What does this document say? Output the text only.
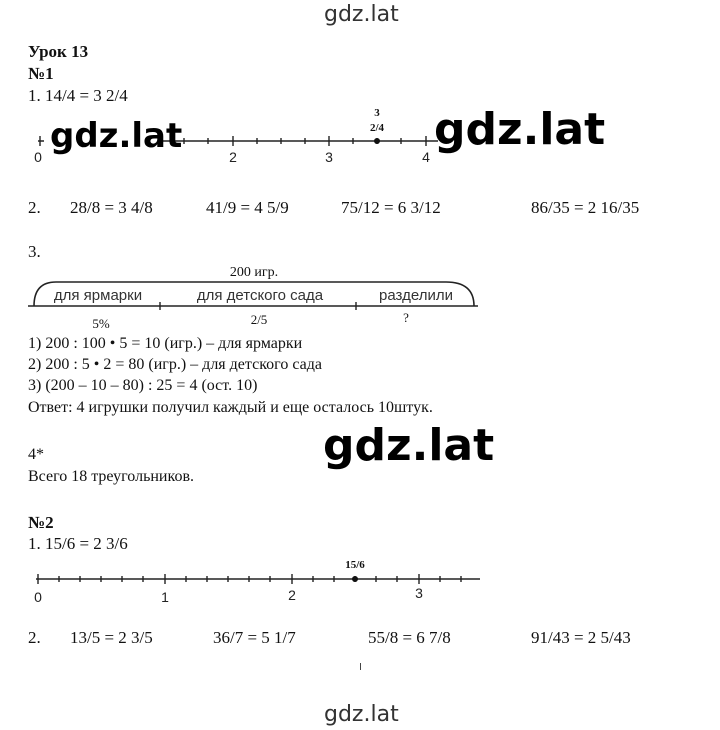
gdz.lat
Урок 13
№1
1. 14/4 = 3 2/4
0	2	3	4
3
2/4
gdz.lat	gdz.lat
2. 28/8 = 3 4/8	41/9 = 4 5/9	75/12 = 6 3/12	86/35 = 2 16/35
3.
200 игр.
для ярмарки	для детского сада	разделили
5%	2/5	?
1) 200 : 100 • 5 = 10 (игр.) – для ярмарки
2) 200 : 5 • 2 = 80 (игр.) – для детского сада
3) (200 – 10 – 80) : 25 = 4 (ост. 10)
Ответ: 4 игрушки получил каждый и еще осталось 10штук.
gdz.lat
4*
Всего 18 треугольников.
№2
1. 15/6 = 2 3/6
15/6
0	1	2	3
2. 13/5 = 2 3/5	36/7 = 5 1/7	55/8 = 6 7/8	91/43 = 2 5/43
gdz.lat
